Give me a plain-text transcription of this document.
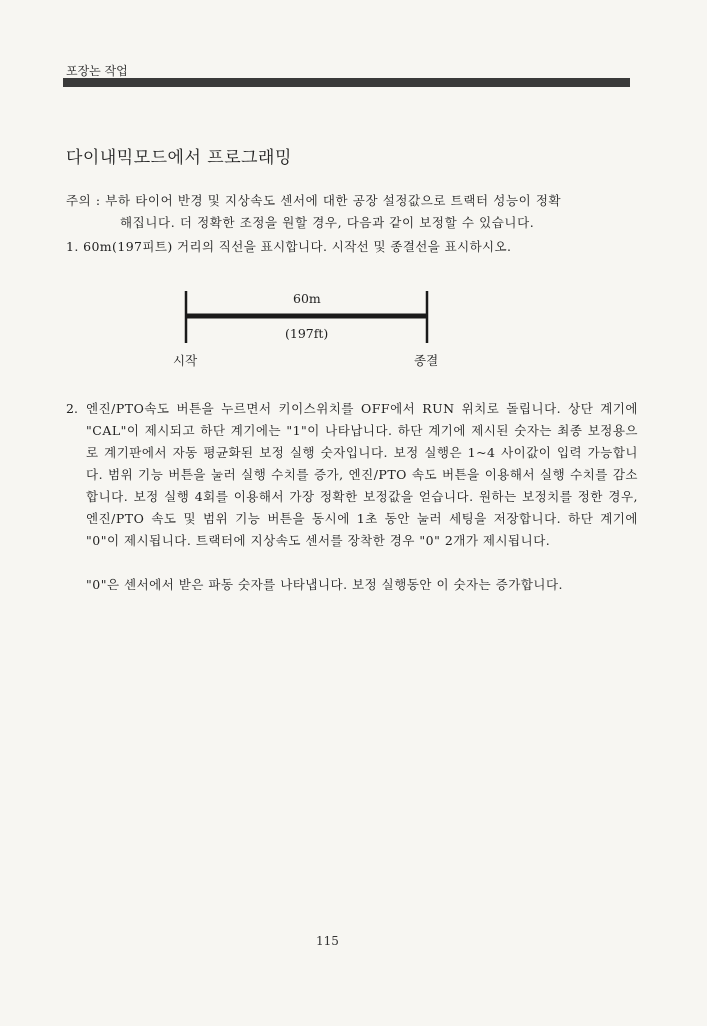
포장논 작업
다이내믹모드에서 프로그래밍
주의 : 부하 타이어 반경 및 지상속도 센서에 대한 공장 설정값으로 트랙터 성능이 정확
해집니다. 더 정확한 조정을 원할 경우, 다음과 같이 보정할 수 있습니다.
1. 60m(197피트) 거리의 직선을 표시합니다. 시작선 및 종결선을 표시하시오.
60m
(197ft)
시작	종결
2. 엔진/PTO속도 버튼을 누르면서 키이스위치를 OFF에서 RUN 위치로 돌립니다. 상단 계기에 "CAL"이 제시되고 하단 계기에는 "1"이 나타납니다. 하단 계기에 제시된 숫자는 최종 보정용으로 계기판에서 자동 평균화된 보정 실행 숫자입니다. 보정 실행은 1~4 사이값이 입력 가능합니다. 범위 기능 버튼을 눌러 실행 수치를 증가, 엔진/PTO 속도 버튼을 이용해서 실행 수치를 감소 합니다. 보정 실행 4회를 이용해서 가장 정확한 보정값을 얻습니다. 원하는 보정치를 정한 경우, 엔진/PTO 속도 및 범위 기능 버튼을 동시에 1초 동안 눌러 세팅을 저장합니다. 하단 계기에 "0"이 제시됩니다. 트랙터에 지상속도 센서를 장착한 경우 "0" 2개가 제시됩니다.
"0"은 센서에서 받은 파동 숫자를 나타냅니다. 보정 실행동안 이 숫자는 증가합니다.
115
